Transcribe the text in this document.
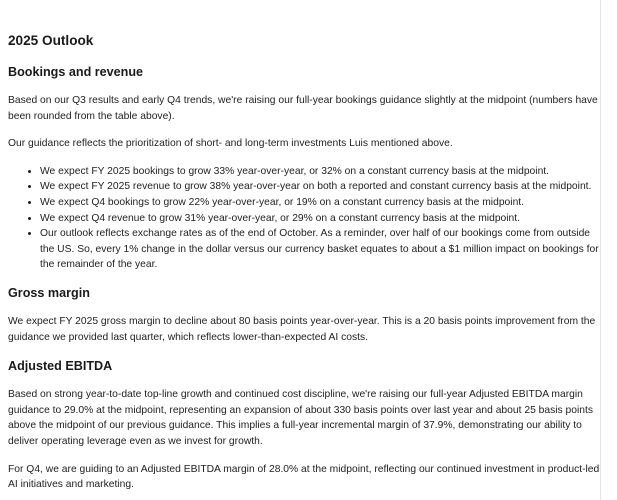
2025 Outlook
Bookings and revenue

Based on our Q3 results and early Q4 trends, we're raising our full-year bookings guidance slightly at the midpoint (numbers have been rounded from the table above).

Our guidance reflects the prioritization of short- and long-term investments Luis mentioned above.

• We expect FY 2025 bookings to grow 33% year-over-year, or 32% on a constant currency basis at the midpoint.
• We expect FY 2025 revenue to grow 38% year-over-year on both a reported and constant currency basis at the midpoint.
• We expect Q4 bookings to grow 22% year-over-year, or 19% on a constant currency basis at the midpoint.
• We expect Q4 revenue to grow 31% year-over-year, or 29% on a constant currency basis at the midpoint.
• Our outlook reflects exchange rates as of the end of October. As a reminder, over half of our bookings come from outside the US. So, every 1% change in the dollar versus our currency basket equates to about a $1 million impact on bookings for the remainder of the year.
Gross margin

We expect FY 2025 gross margin to decline about 80 basis points year-over-year. This is a 20 basis points improvement from the guidance we provided last quarter, which reflects lower-than-expected AI costs.

Adjusted EBITDA

Based on strong year-to-date top-line growth and continued cost discipline, we're raising our full-year Adjusted EBITDA margin guidance to 29.0% at the midpoint, representing an expansion of about 330 basis points over last year and about 25 basis points above the midpoint of our previous guidance. This implies a full-year incremental margin of 37.9%, demonstrating our ability to deliver operating leverage even as we invest for growth.

For Q4, we are guiding to an Adjusted EBITDA margin of 28.0% at the midpoint, reflecting our continued investment in product-led AI initiatives and marketing.
